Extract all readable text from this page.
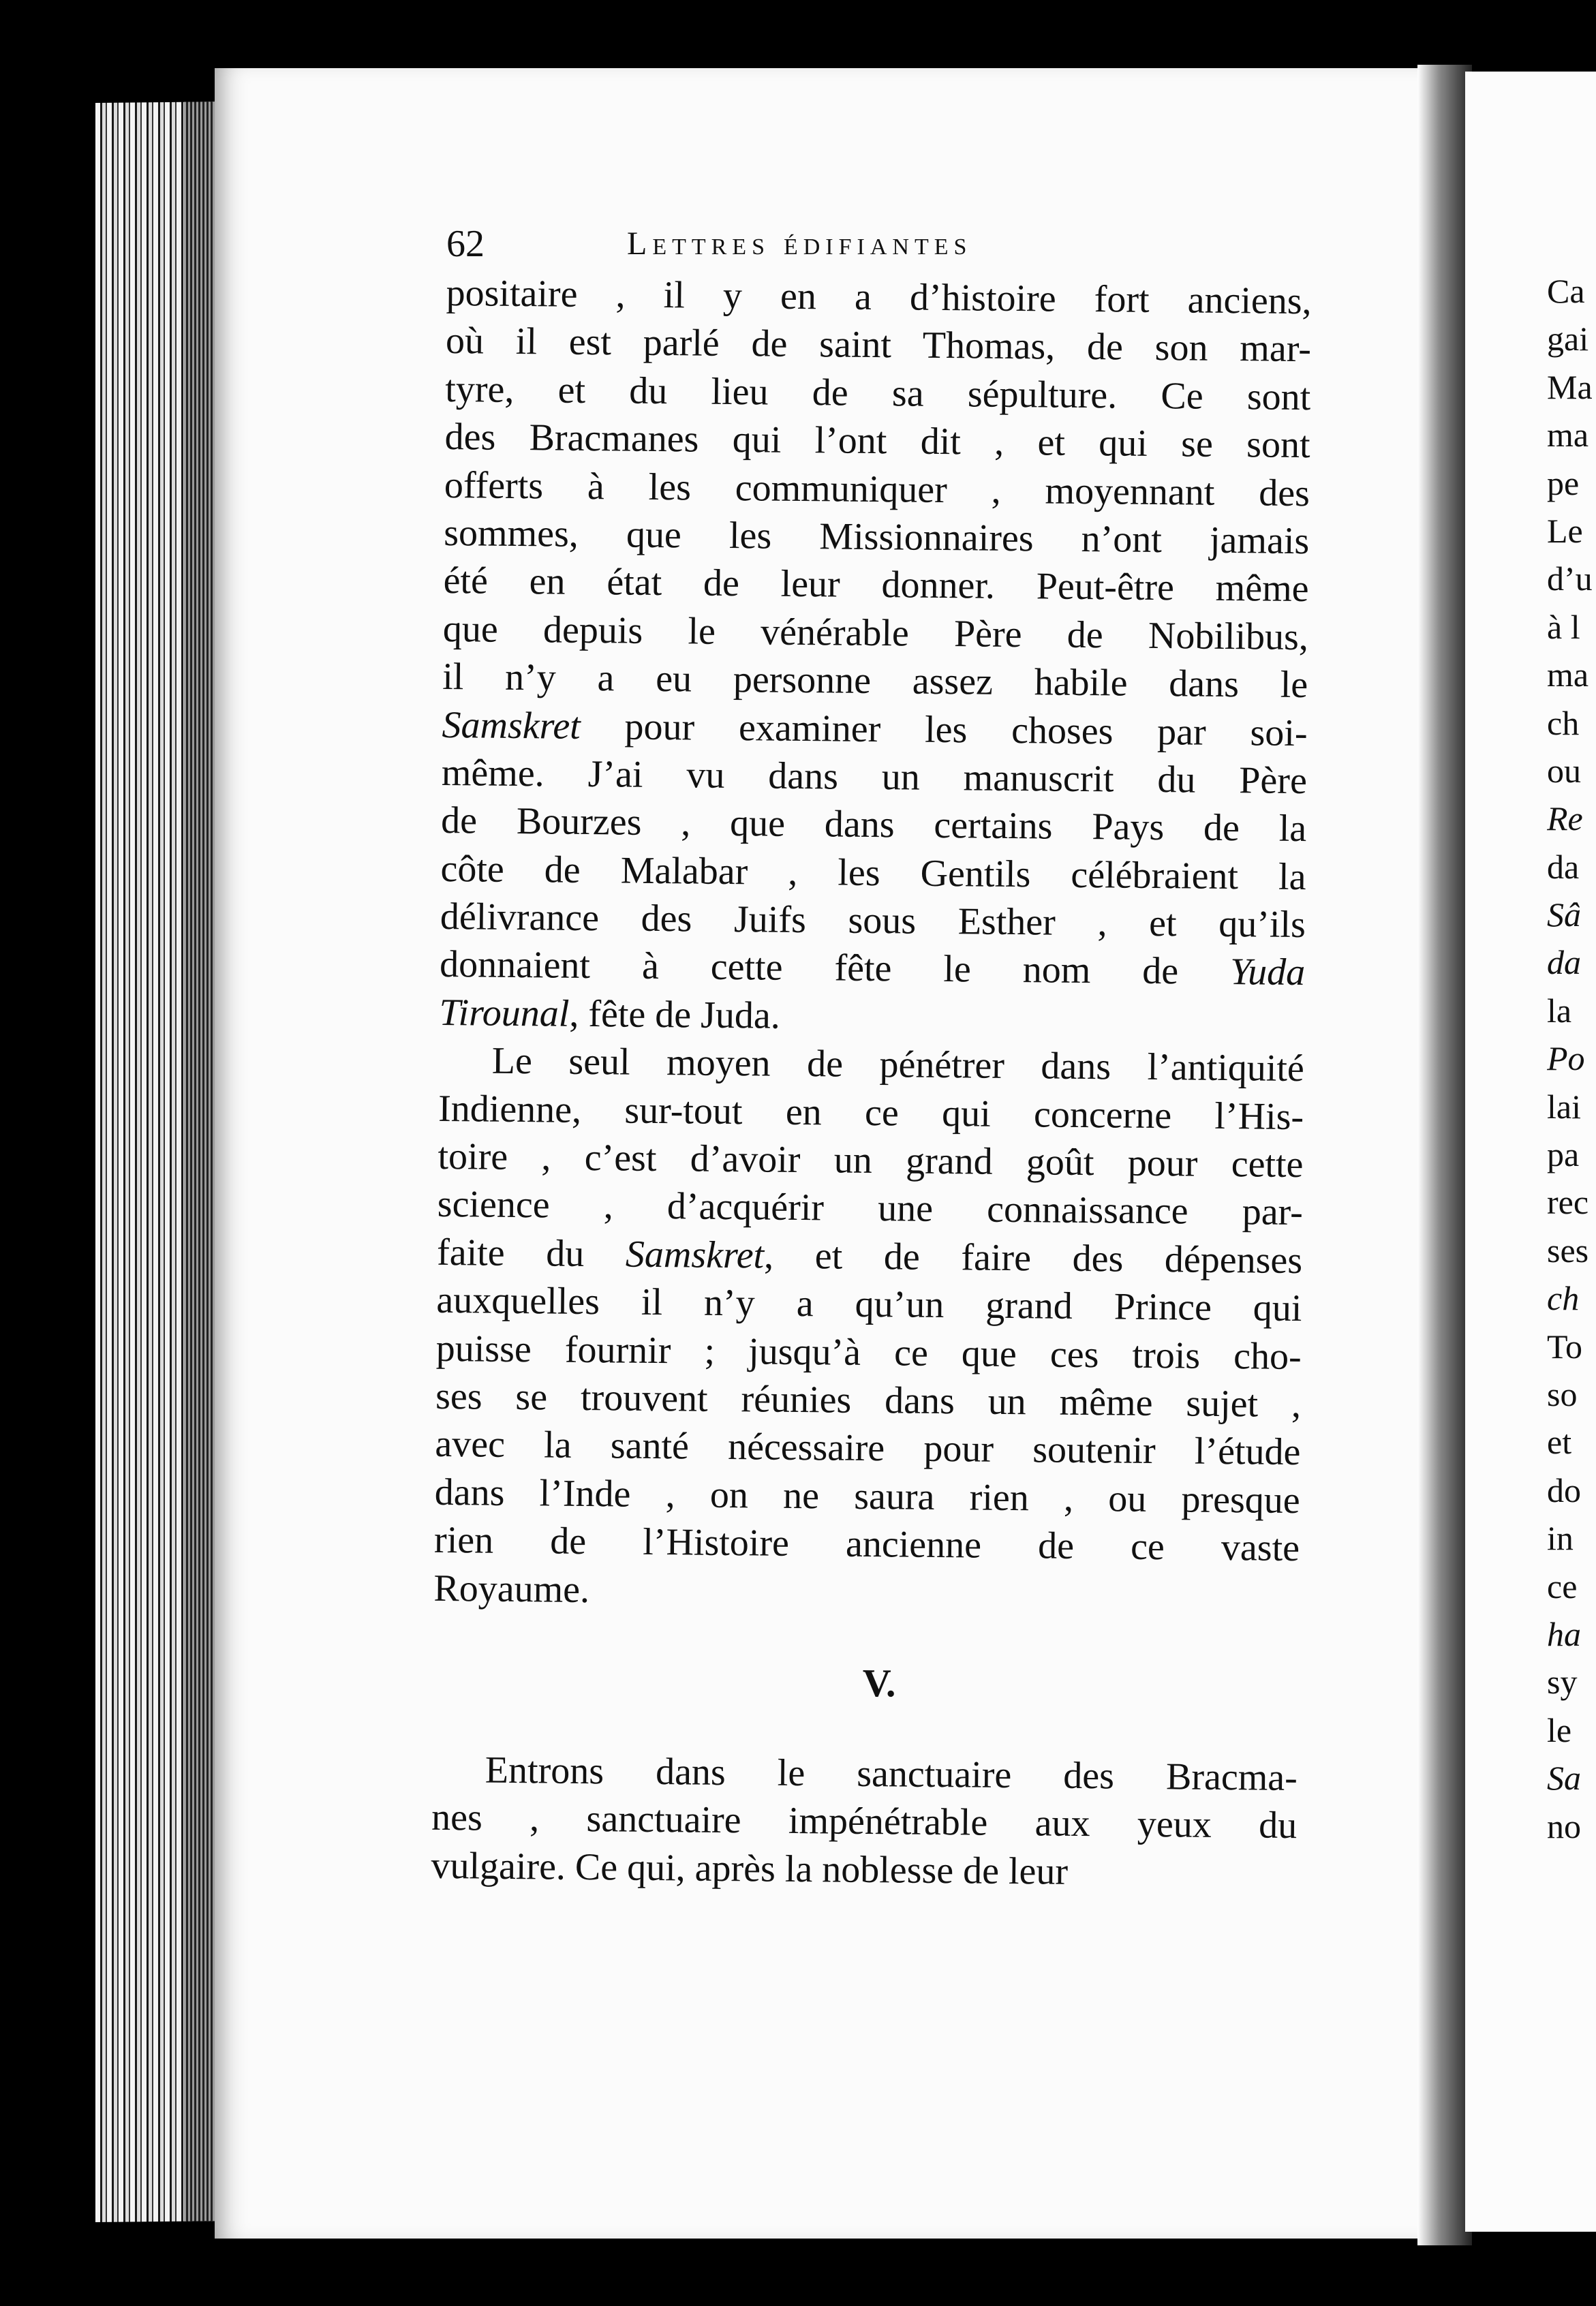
Ca
gai
Ma
ma
pe
Le
d’u
à l
ma
ch
ou
Re
da
Sâ
da
la
Po
lai
pa
rec
ses
ch
To
so
et
do
in
ce
ha
sy
le
Sa
no
62	Lettres édifiantes
positaire , il y en a d’histoire fort anciens,
où il est parlé de saint Thomas, de son mar-
tyre, et du lieu de sa sépulture. Ce sont
des Bracmanes qui l’ont dit , et qui se sont
offerts à les communiquer , moyennant des
sommes, que les Missionnaires n’ont jamais
été en état de leur donner. Peut-être même
que depuis le vénérable Père de Nobilibus,
il n’y a eu personne assez habile dans le
Samskret pour examiner les choses par soi-
même. J’ai vu dans un manuscrit du Père
de Bourzes , que dans certains Pays de la
côte de Malabar , les Gentils célébraient la
délivrance des Juifs sous Esther , et qu’ils
donnaient à cette fête le nom de Yuda
Tirounal, fête de Juda.
Le seul moyen de pénétrer dans l’antiquité
Indienne, sur-tout en ce qui concerne l’His-
toire , c’est d’avoir un grand goût pour cette
science , d’acquérir une connaissance par-
faite du Samskret, et de faire des dépenses
auxquelles il n’y a qu’un grand Prince qui
puisse fournir ; jusqu’à ce que ces trois cho-
ses se trouvent réunies dans un même sujet ,
avec la santé nécessaire pour soutenir l’étude
dans l’Inde , on ne saura rien , ou presque
rien de l’Histoire ancienne de ce vaste
Royaume.
V.
Entrons dans le sanctuaire des Bracma-
nes , sanctuaire impénétrable aux yeux du
vulgaire. Ce qui, après la noblesse de leur
